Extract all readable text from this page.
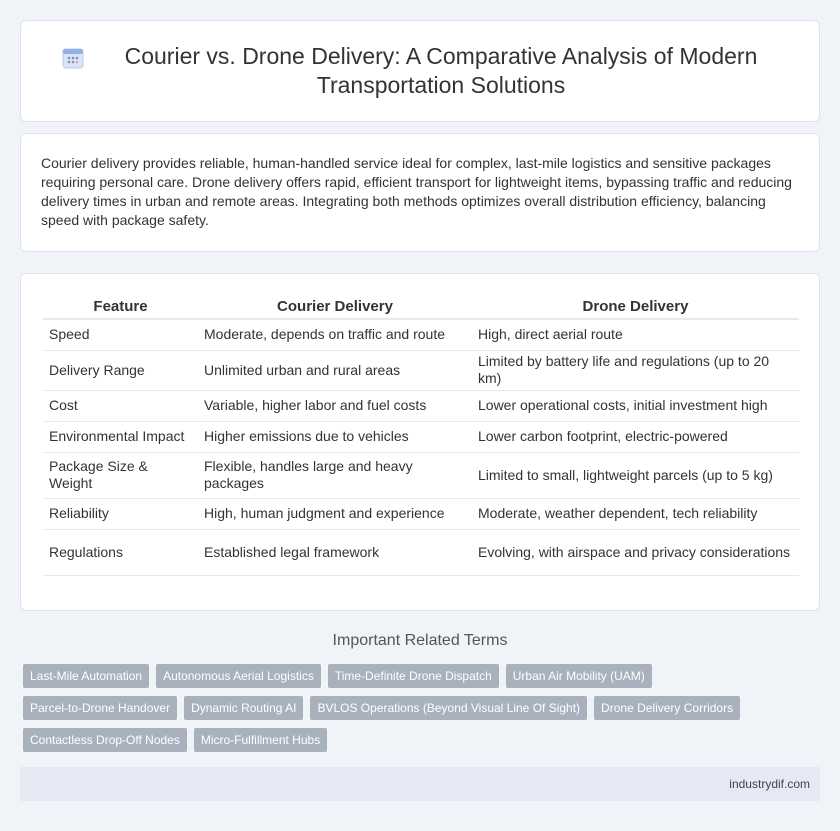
Courier vs. Drone Delivery: A Comparative Analysis of Modern Transportation Solutions

Courier delivery provides reliable, human-handled service ideal for complex, last-mile logistics and sensitive packages requiring personal care. Drone delivery offers rapid, efficient transport for lightweight items, bypassing traffic and reducing delivery times in urban and remote areas. Integrating both methods optimizes overall distribution efficiency, balancing speed with package safety.

Feature	Courier Delivery	Drone Delivery
Speed	Moderate, depends on traffic and route	High, direct aerial route
Delivery Range	Unlimited urban and rural areas	Limited by battery life and regulations (up to 20 km)
Cost	Variable, higher labor and fuel costs	Lower operational costs, initial investment high
Environmental Impact	Higher emissions due to vehicles	Lower carbon footprint, electric-powered
Package Size & Weight	Flexible, handles large and heavy packages	Limited to small, lightweight parcels (up to 5 kg)
Reliability	High, human judgment and experience	Moderate, weather dependent, tech reliability
Regulations	Established legal framework	Evolving, with airspace and privacy considerations
Important Related Terms
Last-Mile Automation	Autonomous Aerial Logistics	Time-Definite Drone Dispatch	Urban Air Mobility (UAM)
Parcel-to-Drone Handover	Dynamic Routing AI	BVLOS Operations (Beyond Visual Line Of Sight)	Drone Delivery Corridors
Contactless Drop-Off Nodes	Micro-Fulfillment Hubs
industrydif.com
